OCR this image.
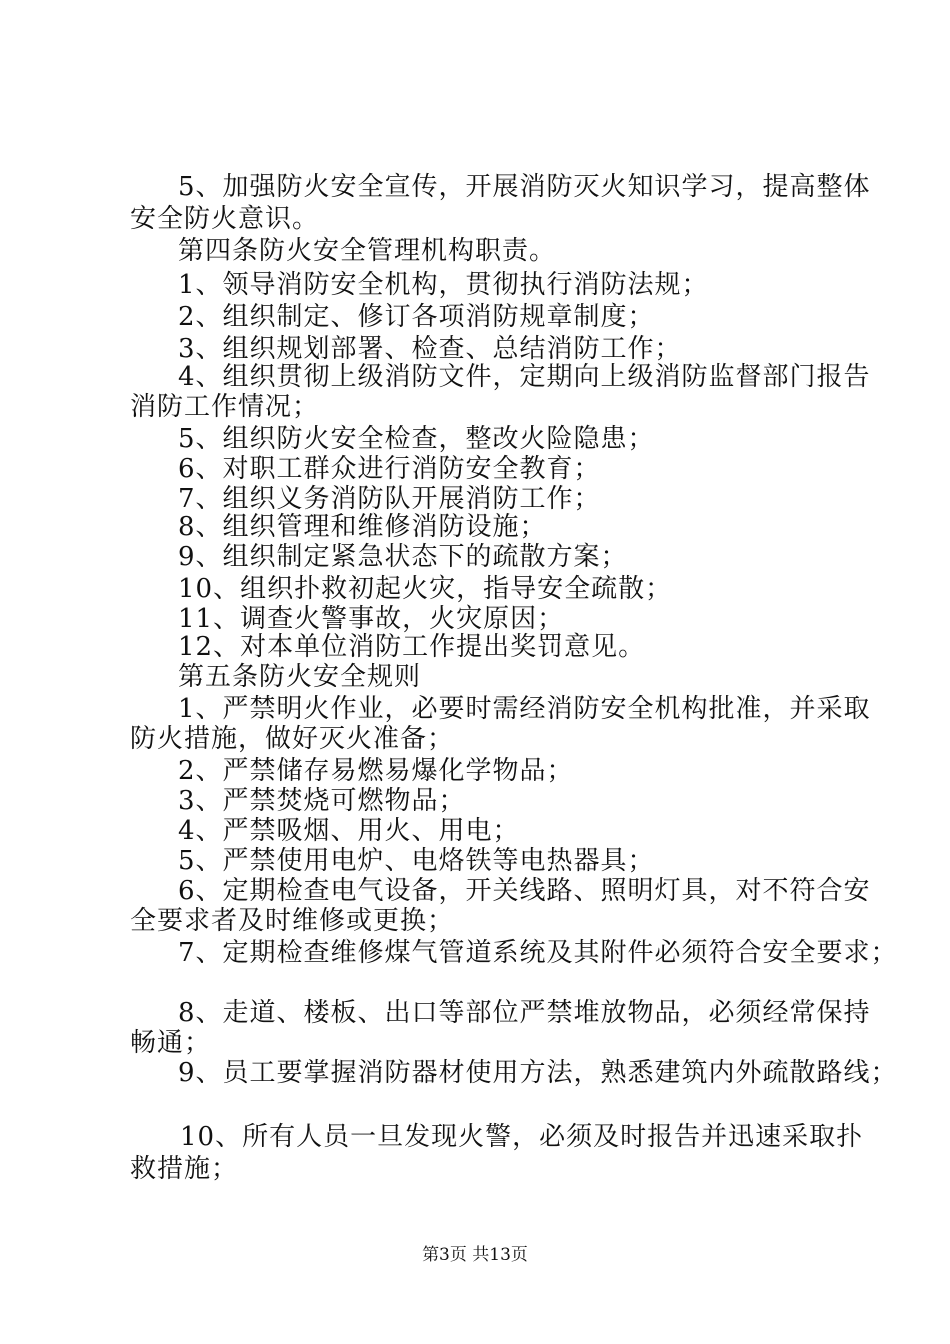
5、加强防火安全宣传，开展消防灭火知识学习，提高整体
安全防火意识。
第四条防火安全管理机构职责。
1、领导消防安全机构，贯彻执行消防法规；
2、组织制定、修订各项消防规章制度；
3、组织规划部署、检查、总结消防工作；
4、组织贯彻上级消防文件，定期向上级消防监督部门报告
消防工作情况；
5、组织防火安全检查，整改火险隐患；
6、对职工群众进行消防安全教育；
7、组织义务消防队开展消防工作；
8、组织管理和维修消防设施；
9、组织制定紧急状态下的疏散方案；
10、组织扑救初起火灾，指导安全疏散；
11、调查火警事故，火灾原因；
12、对本单位消防工作提出奖罚意见。
第五条防火安全规则
1、严禁明火作业，必要时需经消防安全机构批准，并采取
防火措施，做好灭火准备；
2、严禁储存易燃易爆化学物品；
3、严禁焚烧可燃物品；
4、严禁吸烟、用火、用电；
5、严禁使用电炉、电烙铁等电热器具；
6、定期检查电气设备，开关线路、照明灯具，对不符合安
全要求者及时维修或更换；
7、定期检查维修煤气管道系统及其附件必须符合安全要求；
8、走道、楼板、出口等部位严禁堆放物品，必须经常保持
畅通；
9、员工要掌握消防器材使用方法，熟悉建筑内外疏散路线；
10、所有人员一旦发现火警，必须及时报告并迅速采取扑
救措施；
第3页 共13页
